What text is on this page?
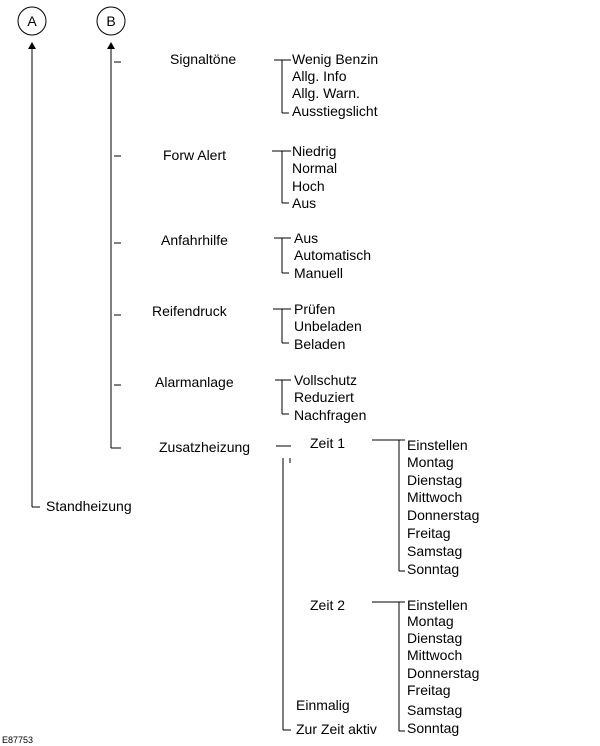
A	B
Standheizung
Signaltöne	Wenig Benzin
Allg. Info
Allg. Warn.
Ausstiegslicht
Forw Alert	Niedrig
Normal
Hoch
Aus
Anfahrhilfe	Aus
Automatisch
Manuell
Reifendruck	Prüfen
Unbeladen
Beladen
Alarmanlage	Vollschutz
Reduziert
Nachfragen
Zusatzheizung	Zeit 1	Einstellen
Montag
Dienstag
Mittwoch
Donnerstag
Freitag
Samstag
Sonntag
Zeit 2	Einstellen
Montag
Dienstag
Mittwoch
Donnerstag
Freitag
Samstag
Sonntag
Einmalig
Zur Zeit aktiv
E87753
